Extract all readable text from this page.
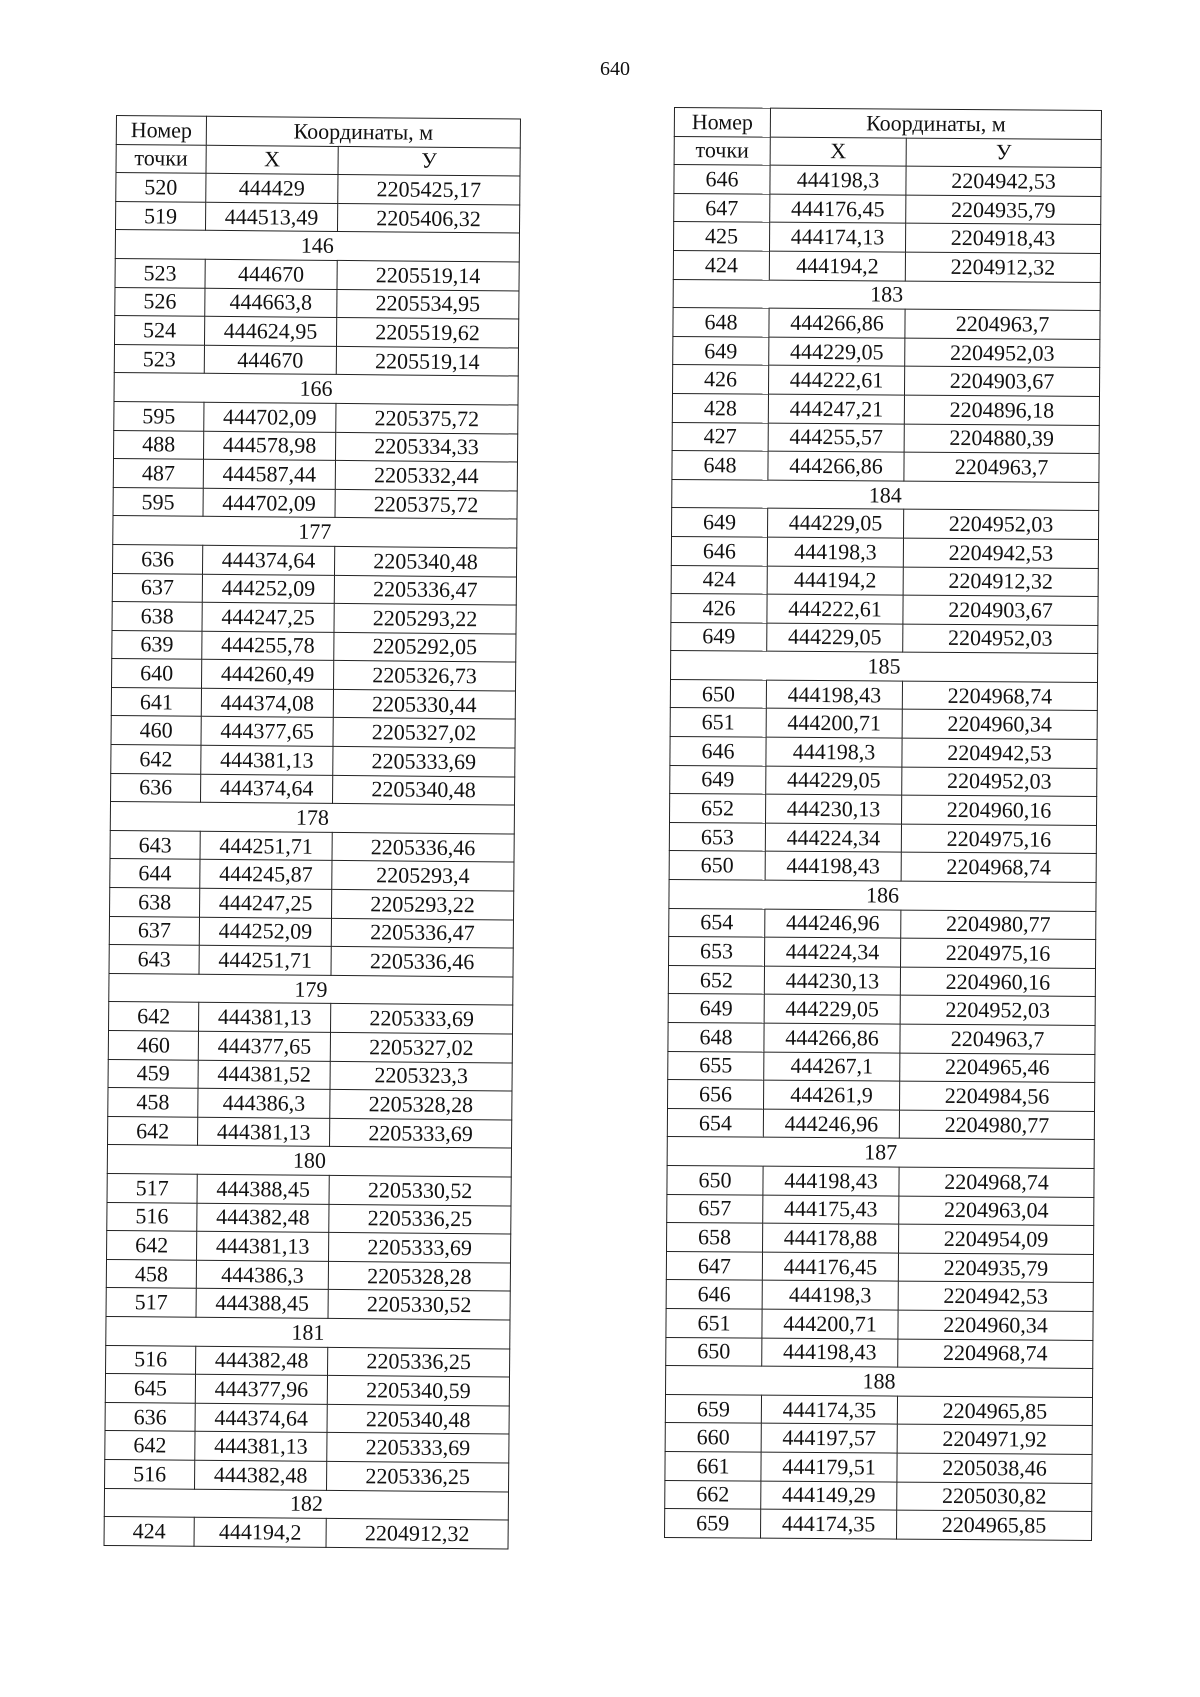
640
Номер	Координаты, м	
точки	X	У
520	444429	2205425,17
519	444513,49	2205406,32
146		
523	444670	2205519,14
526	444663,8	2205534,95
524	444624,95	2205519,62
523	444670	2205519,14
166		
595	444702,09	2205375,72
488	444578,98	2205334,33
487	444587,44	2205332,44
595	444702,09	2205375,72
177		
636	444374,64	2205340,48
637	444252,09	2205336,47
638	444247,25	2205293,22
639	444255,78	2205292,05
640	444260,49	2205326,73
641	444374,08	2205330,44
460	444377,65	2205327,02
642	444381,13	2205333,69
636	444374,64	2205340,48
178		
643	444251,71	2205336,46
644	444245,87	2205293,4
638	444247,25	2205293,22
637	444252,09	2205336,47
643	444251,71	2205336,46
179		
642	444381,13	2205333,69
460	444377,65	2205327,02
459	444381,52	2205323,3
458	444386,3	2205328,28
642	444381,13	2205333,69
180		
517	444388,45	2205330,52
516	444382,48	2205336,25
642	444381,13	2205333,69
458	444386,3	2205328,28
517	444388,45	2205330,52
181		
516	444382,48	2205336,25
645	444377,96	2205340,59
636	444374,64	2205340,48
642	444381,13	2205333,69
516	444382,48	2205336,25
182		
424	444194,2	2204912,32
Номер	Координаты, м	
точки	X	У
646	444198,3	2204942,53
647	444176,45	2204935,79
425	444174,13	2204918,43
424	444194,2	2204912,32
183		
648	444266,86	2204963,7
649	444229,05	2204952,03
426	444222,61	2204903,67
428	444247,21	2204896,18
427	444255,57	2204880,39
648	444266,86	2204963,7
184		
649	444229,05	2204952,03
646	444198,3	2204942,53
424	444194,2	2204912,32
426	444222,61	2204903,67
649	444229,05	2204952,03
185		
650	444198,43	2204968,74
651	444200,71	2204960,34
646	444198,3	2204942,53
649	444229,05	2204952,03
652	444230,13	2204960,16
653	444224,34	2204975,16
650	444198,43	2204968,74
186		
654	444246,96	2204980,77
653	444224,34	2204975,16
652	444230,13	2204960,16
649	444229,05	2204952,03
648	444266,86	2204963,7
655	444267,1	2204965,46
656	444261,9	2204984,56
654	444246,96	2204980,77
187		
650	444198,43	2204968,74
657	444175,43	2204963,04
658	444178,88	2204954,09
647	444176,45	2204935,79
646	444198,3	2204942,53
651	444200,71	2204960,34
650	444198,43	2204968,74
188		
659	444174,35	2204965,85
660	444197,57	2204971,92
661	444179,51	2205038,46
662	444149,29	2205030,82
659	444174,35	2204965,85
